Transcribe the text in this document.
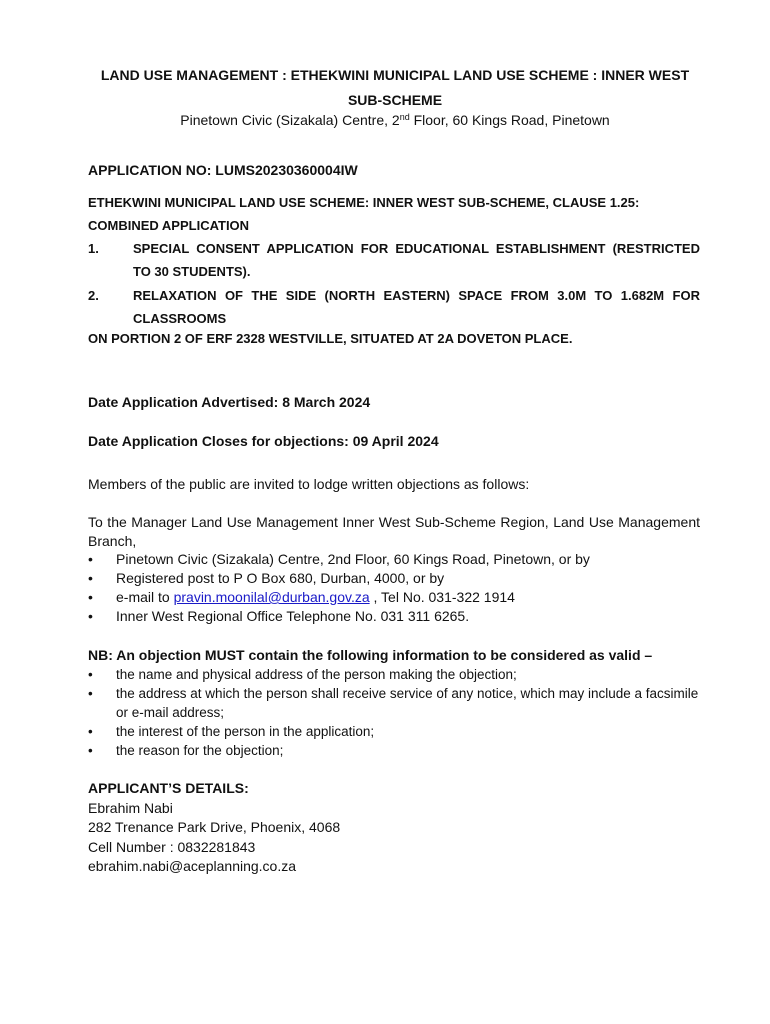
LAND USE MANAGEMENT : ETHEKWINI MUNICIPAL LAND USE SCHEME : INNER WEST SUB-SCHEME
Pinetown Civic (Sizakala) Centre, 2nd Floor, 60 Kings Road, Pinetown
APPLICATION NO: LUMS20230360004IW
ETHEKWINI MUNICIPAL LAND USE SCHEME: INNER WEST SUB-SCHEME, CLAUSE 1.25: COMBINED APPLICATION
1.	SPECIAL CONSENT APPLICATION FOR EDUCATIONAL ESTABLISHMENT (RESTRICTED TO 30 STUDENTS).
2.	RELAXATION OF THE SIDE (NORTH EASTERN) SPACE FROM 3.0M TO 1.682M FOR CLASSROOMS
ON PORTION 2 OF ERF 2328 WESTVILLE, SITUATED AT 2A DOVETON PLACE.
Date Application Advertised: 8 March 2024
Date Application Closes for objections: 09 April 2024
Members of the public are invited to lodge written objections as follows:
To the Manager Land Use Management Inner West Sub-Scheme Region, Land Use Management Branch,
• Pinetown Civic (Sizakala) Centre, 2nd Floor, 60 Kings Road, Pinetown, or by
• Registered post to P O Box 680, Durban, 4000, or by
• e-mail to pravin.moonilal@durban.gov.za , Tel No. 031-322 1914
• Inner West Regional Office Telephone No. 031 311 6265.
NB: An objection MUST contain the following information to be considered as valid –
• the name and physical address of the person making the objection;
• the address at which the person shall receive service of any notice, which may include a facsimile or e-mail address;
• the interest of the person in the application;
• the reason for the objection;
APPLICANT’S DETAILS:
Ebrahim Nabi
282 Trenance Park Drive, Phoenix, 4068
Cell Number : 0832281843
ebrahim.nabi@aceplanning.co.za
